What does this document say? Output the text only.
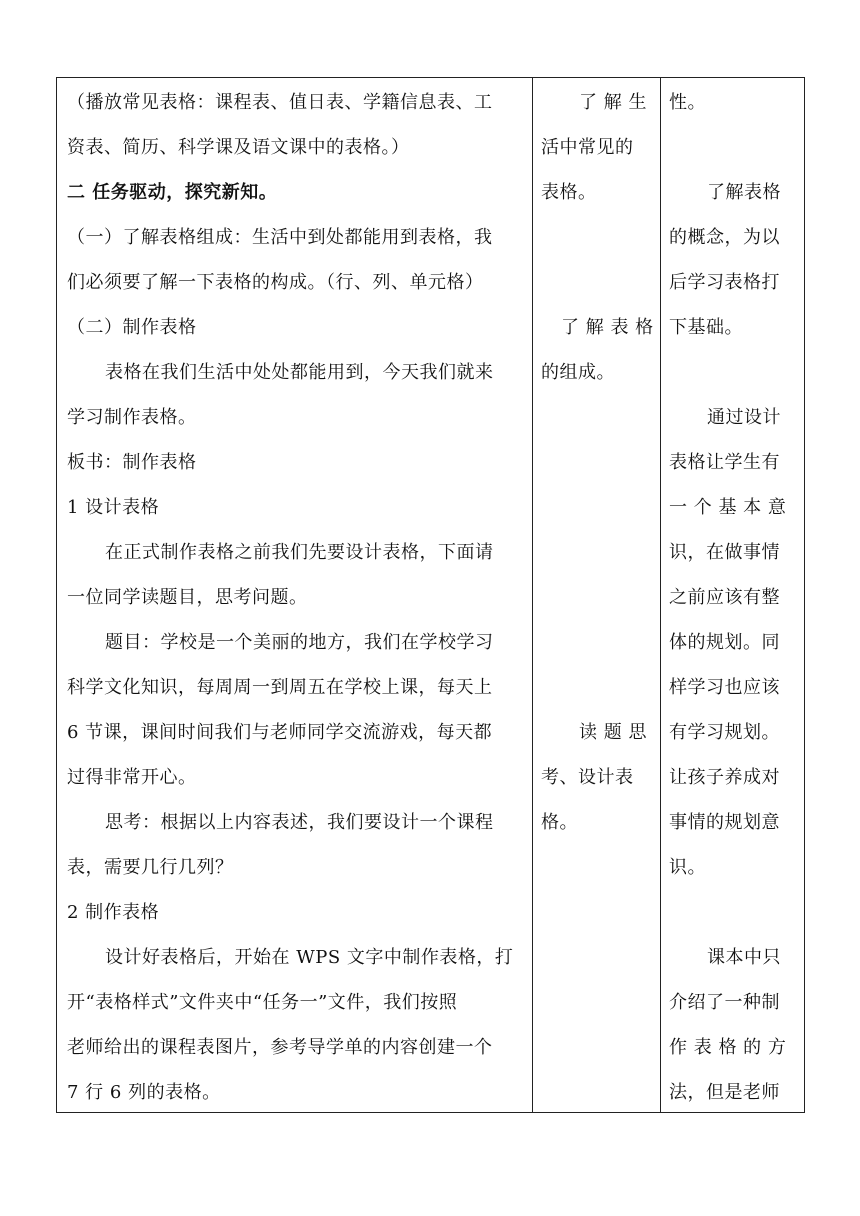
（播放常见表格：课程表、值日表、学籍信息表、工
资表、简历、科学课及语文课中的表格。）
二 任务驱动，探究新知。
（一）了解表格组成：生活中到处都能用到表格，我
们必须要了解一下表格的构成。（行、列、单元格）
（二）制作表格
表格在我们生活中处处都能用到，今天我们就来
学习制作表格。
板书：制作表格
1 设计表格
在正式制作表格之前我们先要设计表格，下面请
一位同学读题目，思考问题。
题目：学校是一个美丽的地方，我们在学校学习
科学文化知识，每周周一到周五在学校上课，每天上
6 节课，课间时间我们与老师同学交流游戏，每天都
过得非常开心。
思考：根据以上内容表述，我们要设计一个课程
表，需要几行几列？
2 制作表格
设计好表格后，开始在 WPS 文字中制作表格，打
开“表格样式”文件夹中“任务一”文件，我们按照
老师给出的课程表图片，参考导学单的内容创建一个
7 行 6 列的表格。
了 解 生
活中常见的
表格。
了 解 表 格
的组成。
读 题 思
考、设计表
格。
性。
了解表格
的概念，为以
后学习表格打
下基础。
通过设计
表格让学生有
一 个 基 本 意
识，在做事情
之前应该有整
体的规划。同
样学习也应该
有学习规划。
让孩子养成对
事情的规划意
识。
课本中只
介绍了一种制
作 表 格 的 方
法，但是老师
